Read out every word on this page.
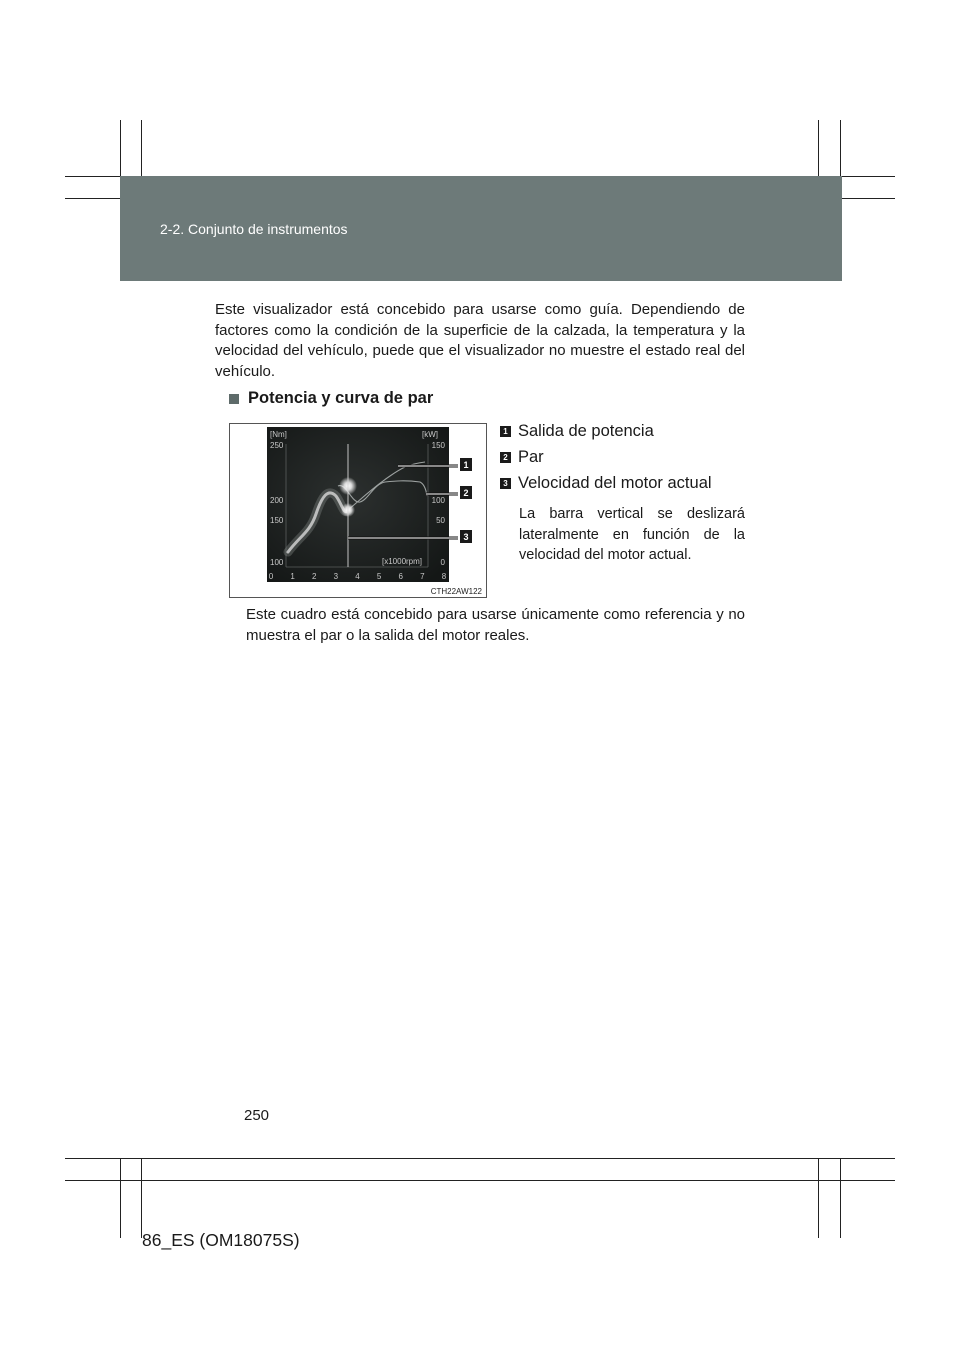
2-2. Conjunto de instrumentos

Este visualizador está concebido para usarse como guía. Dependiendo de factores como la condición de la superficie de la calzada, la temperatura y la velocidad del vehículo, puede que el visualizador no muestre el estado real del vehículo.

Potencia y curva de par
[Nm]	[kW]
250
200
150
100
150
100
50
0
0 1 2 3 4 5 6 7 8
[x1000rpm]
1
2
3
CTH22AW122
1 Salida de potencia
2 Par
3 Velocidad del motor actual

La barra vertical se deslizará lateralmente en función de la velocidad del motor actual.

Este cuadro está concebido para usarse únicamente como referencia y no muestra el par o la salida del motor reales.

250
86_ES (OM18075S)
